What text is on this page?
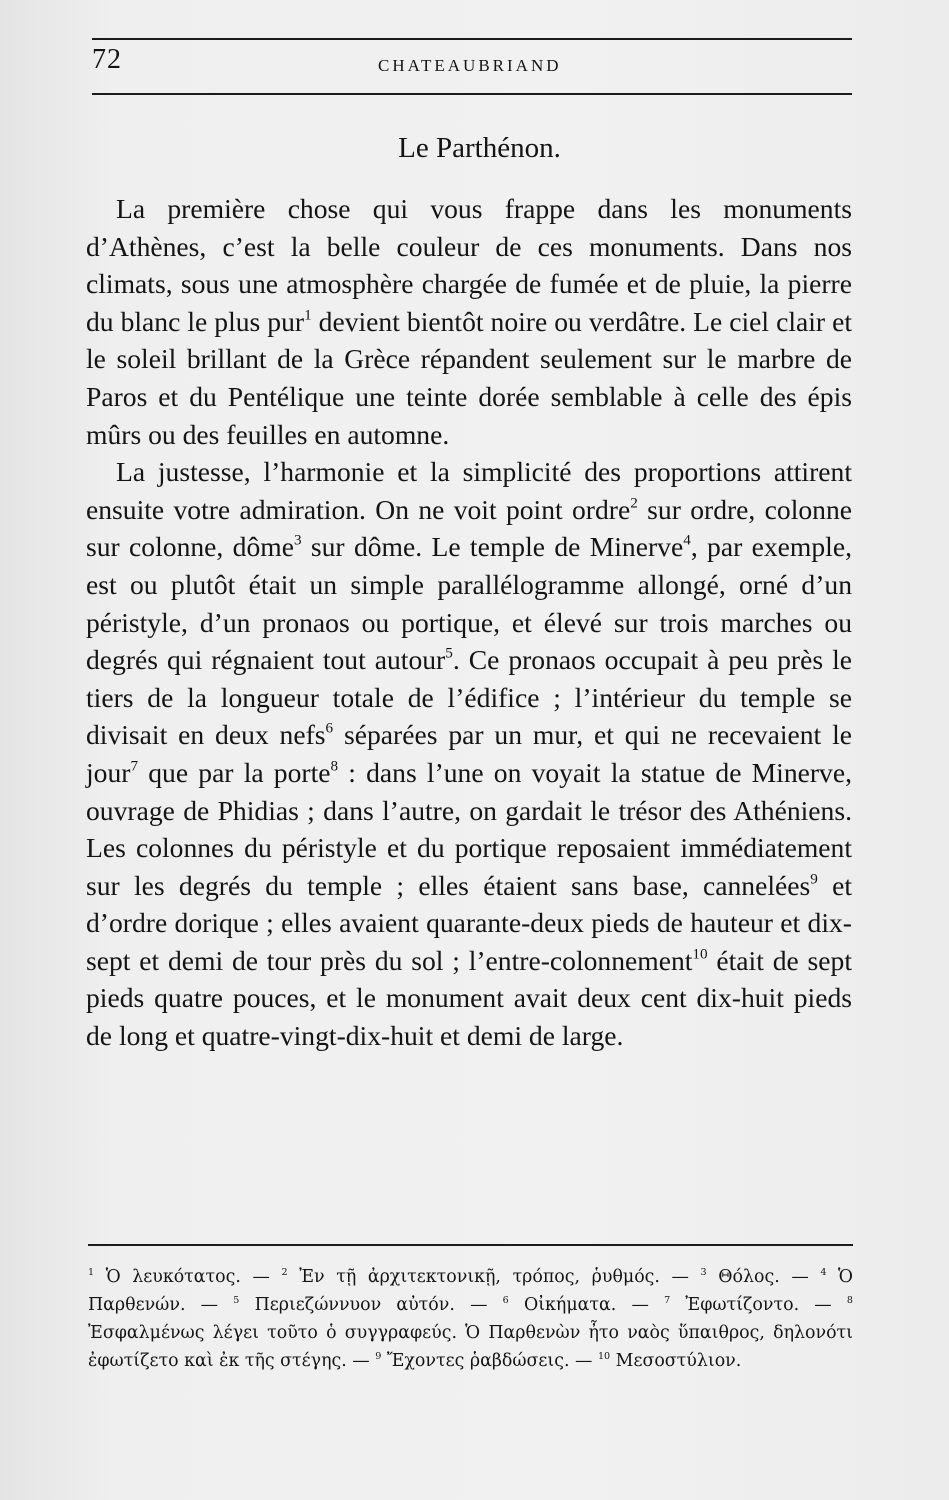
72	CHATEAUBRIAND
Le Parthénon.

La première chose qui vous frappe dans les monuments d’Athènes, c’est la belle couleur de ces monuments. Dans nos climats, sous une atmosphère chargée de fumée et de pluie, la pierre du blanc le plus pur$^1$ devient bientôt noire ou verdâtre. Le ciel clair et le soleil brillant de la Grèce répandent seulement sur le marbre de Paros et du Pentélique une teinte dorée semblable à celle des épis mûrs ou des feuilles en automne.

La justesse, l’harmonie et la simplicité des proportions attirent ensuite votre admiration. On ne voit point ordre$^2$ sur ordre, colonne sur colonne, dôme$^3$ sur dôme. Le temple de Minerve$^4$, par exemple, est ou plutôt était un simple parallélogramme allongé, orné d’un péristyle, d’un pronaos ou portique, et élevé sur trois marches ou degrés qui régnaient tout autour$^5$. Ce pronaos occupait à peu près le tiers de la longueur totale de l’édifice ; l’intérieur du temple se divisait en deux nefs$^6$ séparées par un mur, et qui ne recevaient le jour$^7$ que par la porte$^8$ : dans l’une on voyait la statue de Minerve, ouvrage de Phidias ; dans l’autre, on gardait le trésor des Athéniens. Les colonnes du péristyle et du portique reposaient immédiatement sur les degrés du temple ; elles étaient sans base, cannelées$^9$ et d’ordre dorique ; elles avaient quarante-deux pieds de hauteur et dix-sept et demi de tour près du sol ; l’entre-colonnement$^{10}$ était de sept pieds quatre pouces, et le monument avait deux cent dix-huit pieds de long et quatre-vingt-dix-huit et demi de large.

$^1$ Ὁ λευκότατος. — $^2$ Ἐν τῇ ἀρχιτεκτονικῇ, τρόπος, ῥυθμός. — $^3$ Θόλος. — $^4$ Ὁ Παρθενών. — $^5$ Περιεζώννυον αὐτόν. — $^6$ Οἰκήματα. — $^7$ Ἐφωτίζοντο. — $^8$ Ἐσφαλμένως λέγει τοῦτο ὁ συγγραφεύς. Ὁ Παρθενὼν ἦτο ναὸς ὕπαιθρος, δηλονότι ἐφωτίζετο καὶ ἐκ τῆς στέγης. — $^9$ Ἔχοντες ῥαβδώσεις. — $^{10}$ Μεσοστύλιον.
